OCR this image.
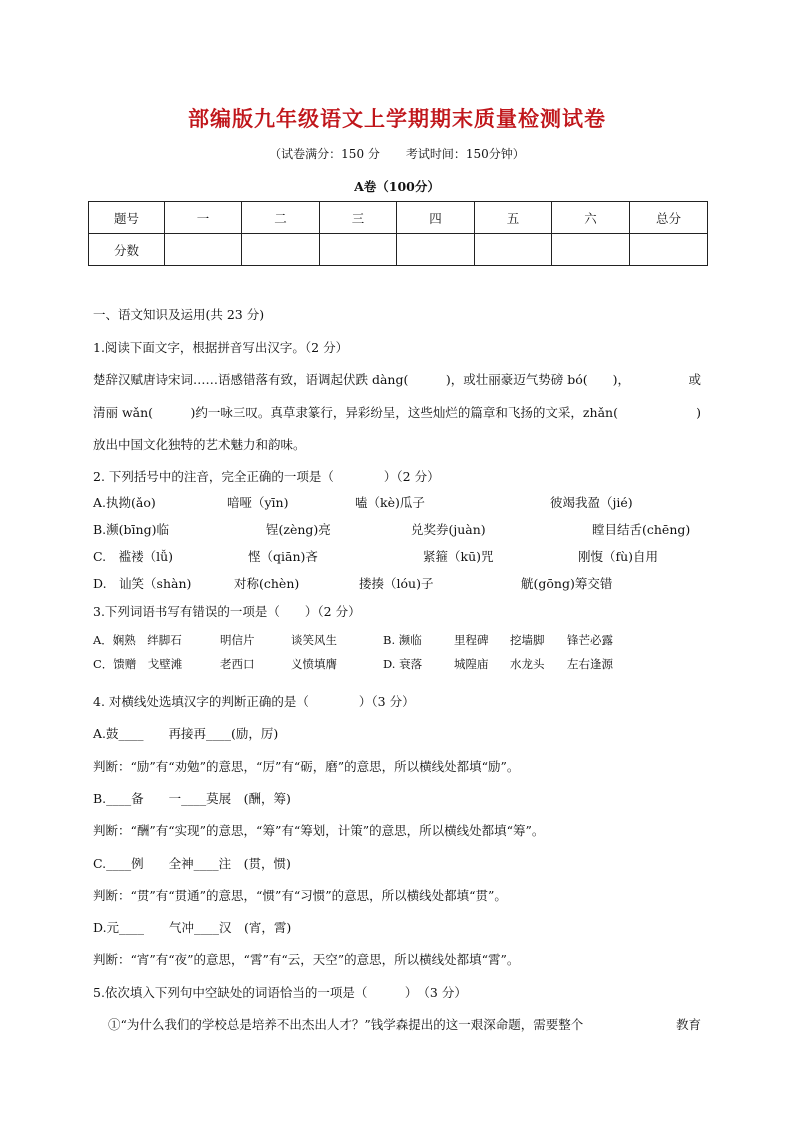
部编版九年级语文上学期期末质量检测试卷
（试卷满分：150 分 考试时间：150分钟）
A卷（100分）
题号	一	二	三	四	五	六	总分
分数							
一、语文知识及运用(共 23 分)
1.阅读下面文字，根据拼音写出汉字。（2 分）
楚辞汉赋唐诗宋词……语感错落有致，语调起伏跌 dàng(　　　)，或壮丽豪迈气势磅 bó(　　)，	或
清丽 wǎn(　　　)约一咏三叹。真草隶篆行，异彩纷呈，这些灿烂的篇章和飞扬的文采，zhǎn(	)
放出中国文化独特的艺术魅力和韵味。
2. 下列括号中的注音，完全正确的一项是（　　　　）（2 分）
A.执拗(ǎo)	喑哑（yīn)	嗑（kè)瓜子	彼竭我盈（jié)
B.濒(bīng)临	锃(zèng)亮	兑奖券(juàn)	瞠目结舌(chēng)
C.　褴褛（lǚ)	悭（qiān)吝	紧箍（kū)咒	刚愎（fù)自用
D.　讪笑（shàn)	对称(chèn)	搂揍（lóu)子	觥(gōng)筹交错
3.下列词语书写有错误的一项是（　　）（2 分）
A．娴熟　绊脚石	明信片	谈笑风生	B. 濒临	里程碑 挖墙脚 锋芒必露
C．馈赠　戈壁滩	老西口	义愤填膺	D. 衰落	城隍庙 水龙头 左右逢源
4. 对横线处选填汉字的判断正确的是（　　　　）（3 分）
A.鼓____　　再接再____(励，厉)
判断：“励”有“劝勉”的意思，“厉”有“砺，磨”的意思，所以横线处都填“励”。
B.____备　　一____莫展　(酬，筹)
判断：“酬”有“实现”的意思，“筹”有“筹划，计策”的意思，所以横线处都填“筹”。
C.____例　　全神____注　(贯，惯)
判断：“贯”有“贯通”的意思，“惯”有“习惯”的意思，所以横线处都填“贯”。
D.元____　　气冲____汉　(宵，霄)
判断：“宵”有“夜”的意思，“霄”有“云，天空”的意思，所以横线处都填“霄”。
5.依次填入下列句中空缺处的词语恰当的一项是（　　　）　（3 分）
①“为什么我们的学校总是培养不出杰出人才？”钱学森提出的这一艰深命题，需要整个	教育
